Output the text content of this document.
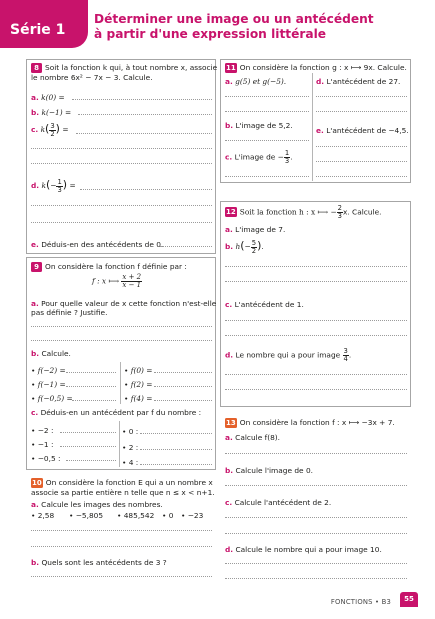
Série 1
Déterminer une image ou un antécédent
à partir d'une expression littérale
8 Soit la fonction k qui, à tout nombre x, associe
le nombre 6x² − 7x − 3. Calcule.
a. k(0) =
b. k(−1) =
c. $k( \frac{3}{2}$ ) =
d. $k(- \frac{1}{3}$ ) =
e. Déduis-en des antécédents de 0.
9 On considère la fonction f définie par :
f : x ⟼ $\frac{x + 2}{x - 1}$
a. Pour quelle valeur de x cette fonction n'est-elle
pas définie ? Justifie.
b. Calcule.
• f(−2) =
• f(−1) =
• f(−0,5) =
• f(0) =
• f(2) =
• f(4) =
c. Déduis-en un antécédent par f du nombre :
• −2 :
• −1 :
• −0,5 :
• 0 :
• 2 :
• 4 :
10 On considère la fonction E qui a un nombre x
associe sa partie entière n telle que n ≤ x < n+1.
a. Calcule les images des nombres.
• 2,58 • −5,805 • 485,542 • 0 • −23
b. Quels sont les antécédents de 3 ?
11 On considère la fonction g : x ⟼ 9x. Calcule.
a. g(5) et g(−5).
b. L'image de 5,2.
c. L'image de − $\frac{1}{3}$ .
d. L'antécédent de 27.
e. L'antécédent de −4,5.
12 Soit la fonction h : x ⟼ − $\frac{2}{3} x$. Calcule.
a. L'image de 7.
b. $h(- \frac{5}{2}$ ).
c. L'antécédent de 1.
d. Le nombre qui a pour image $\frac{3}{4}$ .
13 On considère la fonction f : x ⟼ −3x + 7.
a. Calcule f(8).
b. Calcule l'image de 0.
c. Calcule l'antécédent de 2.
d. Calcule le nombre qui a pour image 10.
FONCTIONS • B3	55
